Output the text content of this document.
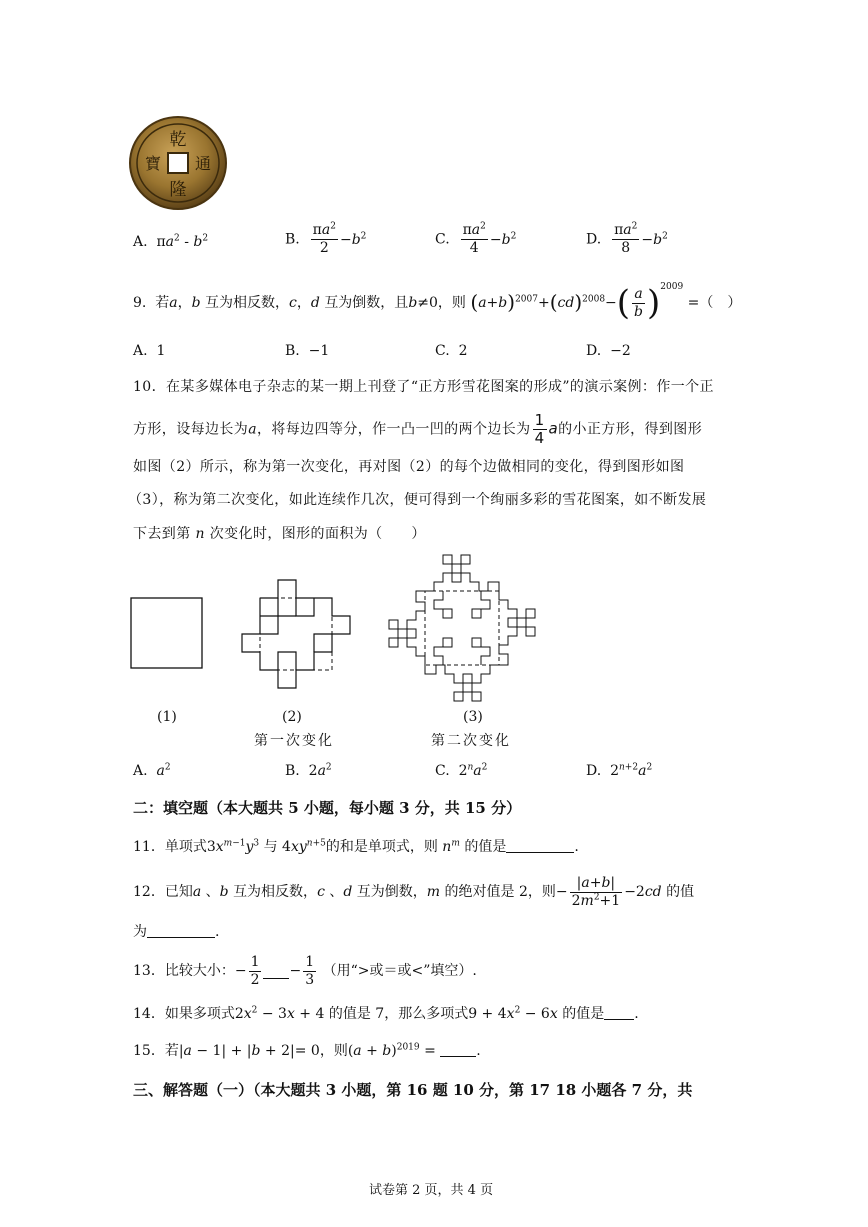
乾
隆
通
寶
A. $\pi a^2 - b^2$	B. $\frac{\pi a^2}{2} -b^2$	C. $\frac{\pi a^2}{4} -b^2$	D. $\frac{\pi a^2}{8} -b^2$
9. 若a，b 互为相反数，c，d 互为倒数，且b≠0，则 $(a+b)^{2007}+(cd)^{2008}-( \frac{a}{b} )^{2009}$ =（　）
A. 1	B. −1	C. 2	D. −2
10．在某多媒体电子杂志的某一期上刊登了“正方形雪花图案的形成”的演示案例：作一个正
方形，设每边长为a，将每边四等分，作一凸一凹的两个边长为 $\frac{1}{4}$ a的小正方形，得到图形
如图（2）所示，称为第一次变化，再对图（2）的每个边做相同的变化，得到图形如图
（3），称为第二次变化，如此连续作几次，便可得到一个绚丽多彩的雪花图案，如不断发展
下去到第 n 次变化时，图形的面积为（　　）
(1)	(2)	(3)
第一次变化	第二次变化
A. $a^2$	B.  $2a^2$	C.  $2^na^2$	D.  $2^{n+2}a^2$
二：填空题（本大题共 5 小题，每小题 3 分，共 15 分）
11．单项式$3x^{m-1}y^3$ 与 $4xy^{n+5}$的和是单项式，则 $n^m$ 的值是	.
12．已知a 、b 互为相反数，c 、d 互为倒数，m 的绝对值是 2，则− $\frac{|a+b|}{2m^2+1} -2cd$ 的值
为	.
13．比较大小：− $\frac{1}{2} - \frac{1}{3}$ （用“>或＝或<”填空）.
14．如果多项式$2x^2 - 3x + 4$ 的值是 7，那么多项式$9 + 4x^2 - 6x$ 的值是 .
15．若|a − 1| + |b + 2|= 0，则$(a + b)^{2019}$ =	.
三、解答题（一）（本大题共 3 小题，第 16 题 10 分，第 17 18 小题各 7 分，共
试卷第 2 页，共 4 页
